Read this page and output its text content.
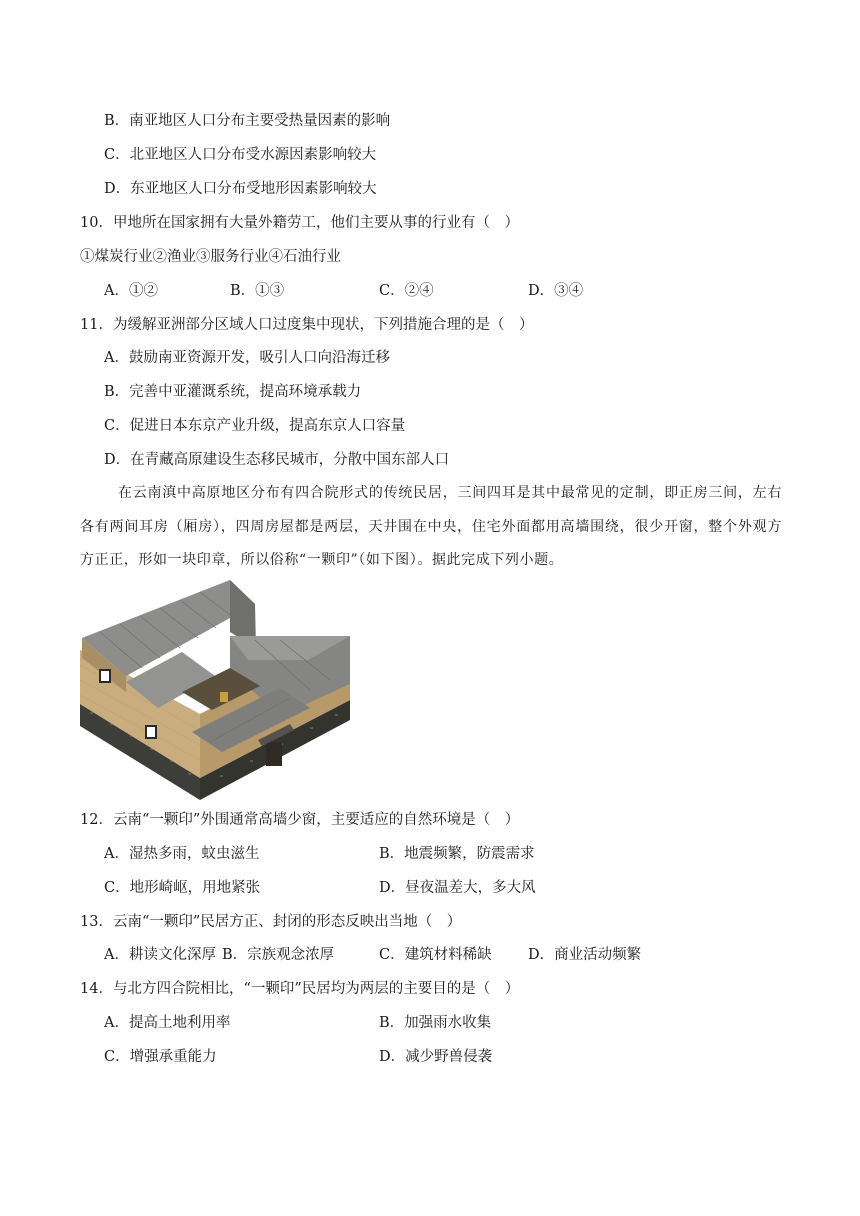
B．南亚地区人口分布主要受热量因素的影响
C．北亚地区人口分布受水源因素影响较大
D．东亚地区人口分布受地形因素影响较大
10．甲地所在国家拥有大量外籍劳工，他们主要从事的行业有（　）
①煤炭行业②渔业③服务行业④石油行业
A．①②	B．①③	C．②④	D．③④
11．为缓解亚洲部分区域人口过度集中现状，下列措施合理的是（　）
A．鼓励南亚资源开发，吸引人口向沿海迁移
B．完善中亚灌溉系统，提高环境承载力
C．促进日本东京产业升级，提高东京人口容量
D．在青藏高原建设生态移民城市，分散中国东部人口
在云南滇中高原地区分布有四合院形式的传统民居，三间四耳是其中最常见的定制，即正房三间，左右各有两间耳房（厢房），四周房屋都是两层，天井围在中央，住宅外面都用高墙围绕，很少开窗，整个外观方方正正，形如一块印章，所以俗称“一颗印”（如下图）。据此完成下列小题。
12．云南“一颗印”外围通常高墙少窗，主要适应的自然环境是（　）
A．湿热多雨，蚊虫滋生	B．地震频繁，防震需求
C．地形崎岖，用地紧张	D．昼夜温差大，多大风
13．云南“一颗印”民居方正、封闭的形态反映出当地（　）
A．耕读文化深厚 B．宗族观念浓厚	C．建筑材料稀缺	D．商业活动频繁
14．与北方四合院相比，“一颗印”民居均为两层的主要目的是（　）
A．提高土地利用率	B．加强雨水收集
C．增强承重能力	D．减少野兽侵袭
